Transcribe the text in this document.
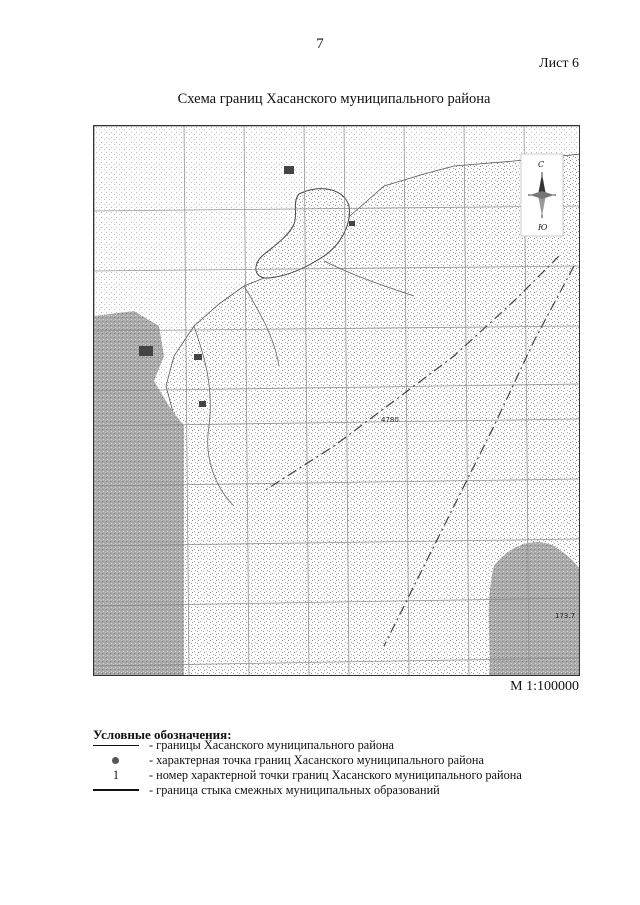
7
Лист 6
Схема границ Хасанского муниципального района
4780
173.7
С
Ю
М 1:100000
Условные обозначения:
- границы Хасанского муниципального района
- характерная точка границ Хасанского муниципального района
1	- номер характерной точки границ Хасанского муниципального района
- граница стыка смежных муниципальных образований
